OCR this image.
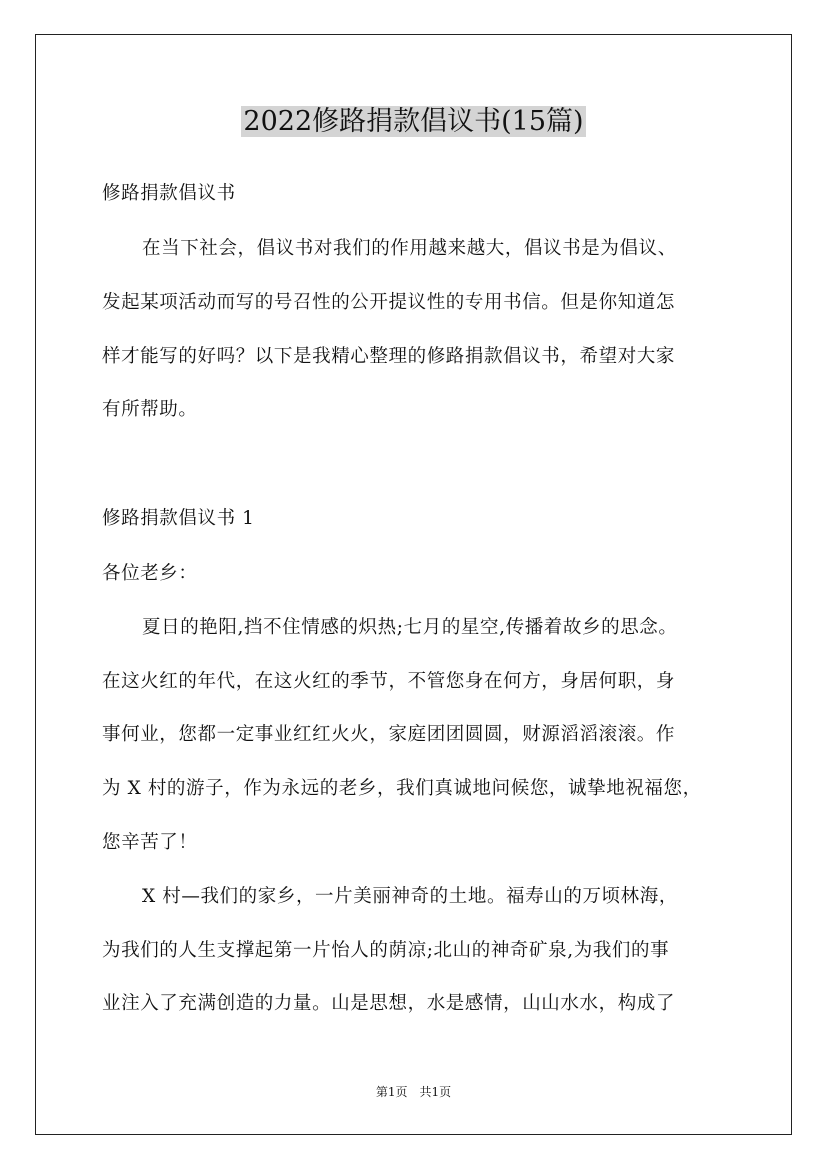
2022修路捐款倡议书(15篇)

修路捐款倡议书

在当下社会，倡议书对我们的作用越来越大，倡议书是为倡议、

发起某项活动而写的号召性的公开提议性的专用书信。但是你知道怎

样才能写的好吗？以下是我精心整理的修路捐款倡议书，希望对大家

有所帮助。

修路捐款倡议书 1

各位老乡：

夏日的艳阳,挡不住情感的炽热;七月的星空,传播着故乡的思念。

在这火红的年代，在这火红的季节，不管您身在何方，身居何职，身

事何业，您都一定事业红红火火，家庭团团圆圆，财源滔滔滚滚。作

为 X 村的游子，作为永远的老乡，我们真诚地问候您，诚挚地祝福您，

您辛苦了！

X 村—我们的家乡，一片美丽神奇的土地。福寿山的万顷林海，

为我们的人生支撑起第一片怡人的荫凉;北山的神奇矿泉,为我们的事

业注入了充满创造的力量。山是思想，水是感情，山山水水，构成了

第1页　共1页
